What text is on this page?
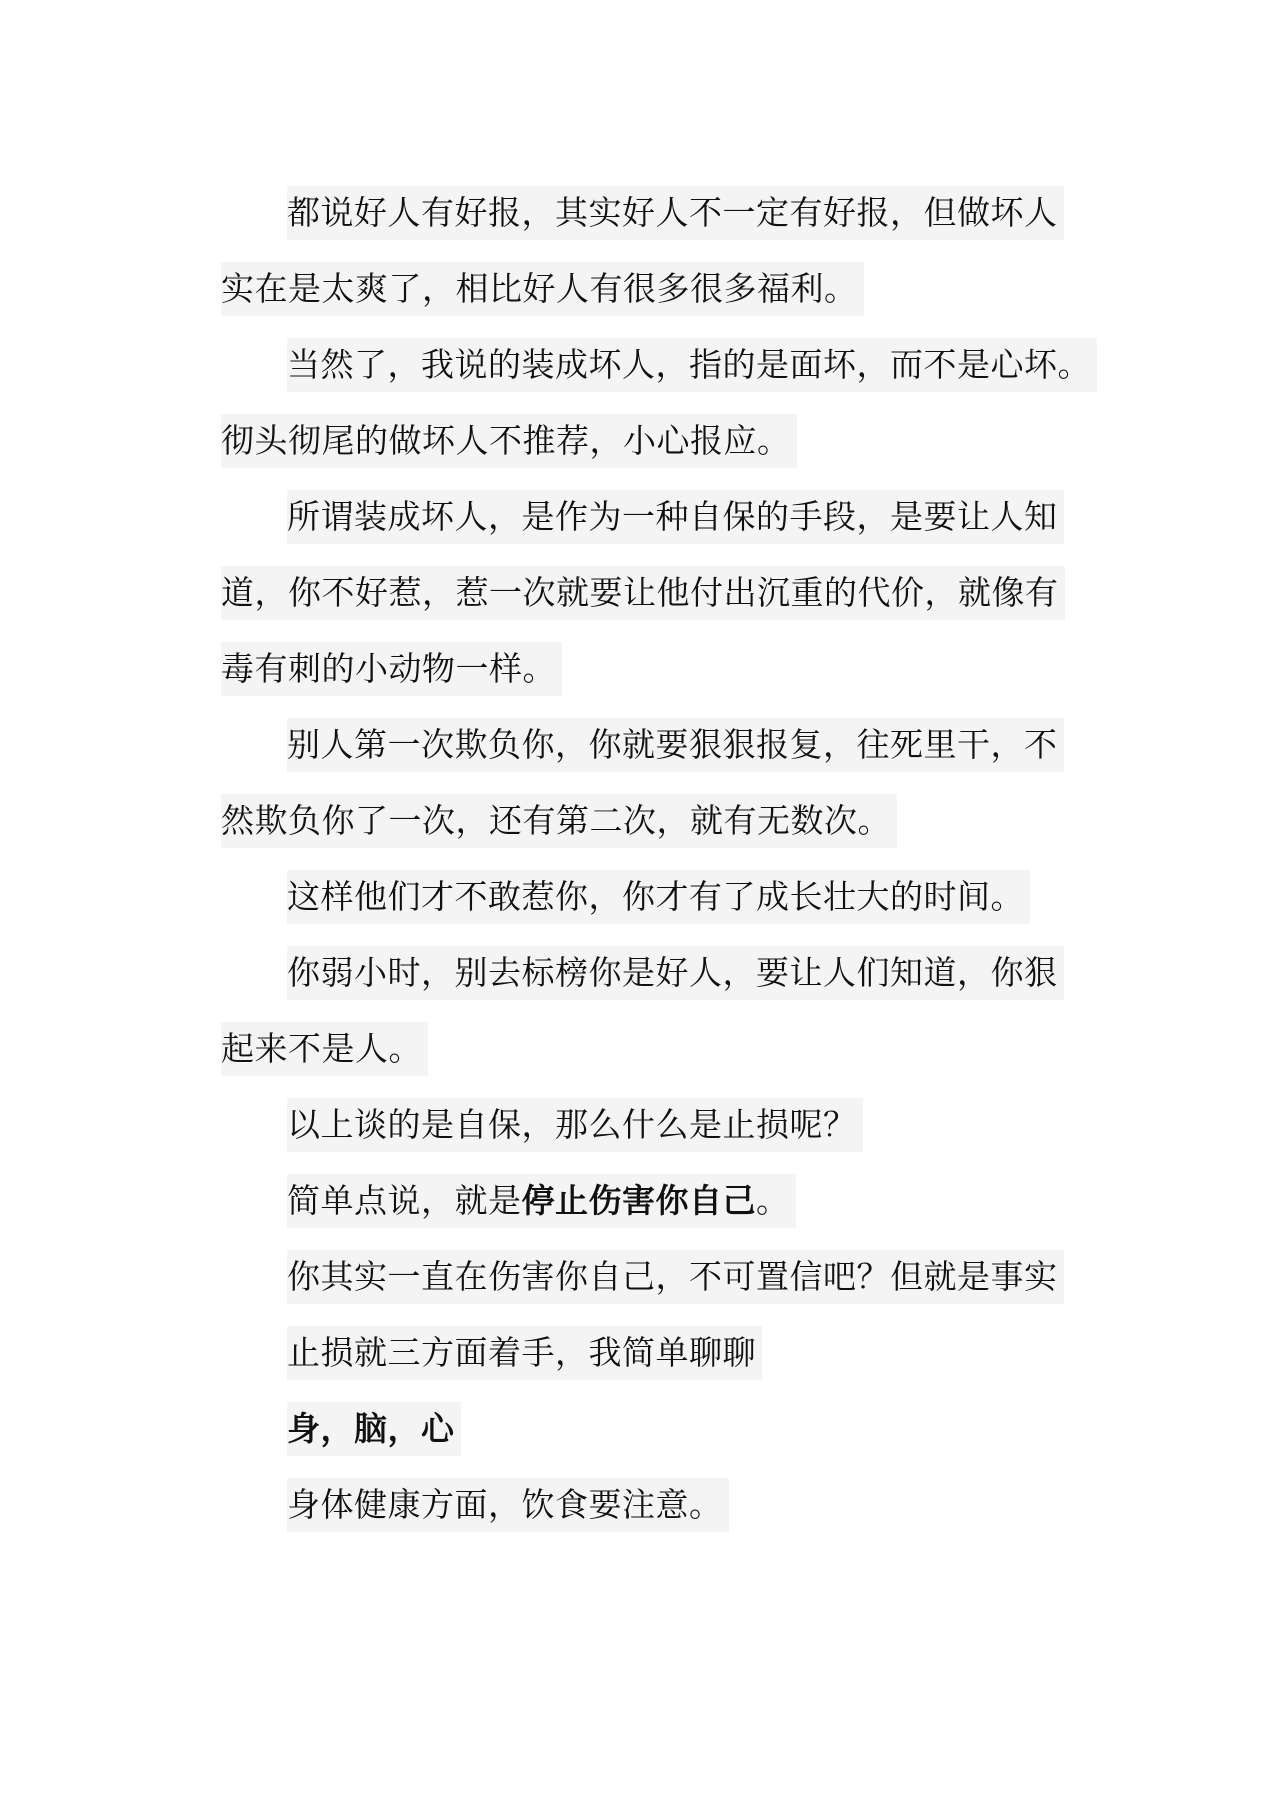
都说好人有好报，其实好人不一定有好报，但做坏人
实在是太爽了，相比好人有很多很多福利。
当然了，我说的装成坏人，指的是面坏，而不是心坏。
彻头彻尾的做坏人不推荐，小心报应。
所谓装成坏人，是作为一种自保的手段，是要让人知
道，你不好惹，惹一次就要让他付出沉重的代价，就像有
毒有刺的小动物一样。
别人第一次欺负你，你就要狠狠报复，往死里干，不
然欺负你了一次，还有第二次，就有无数次。
这样他们才不敢惹你，你才有了成长壮大的时间。
你弱小时，别去标榜你是好人，要让人们知道，你狠
起来不是人。
以上谈的是自保，那么什么是止损呢？
简单点说，就是停止伤害你自己。
你其实一直在伤害你自己，不可置信吧？但就是事实
止损就三方面着手，我简单聊聊
身，脑，心
身体健康方面，饮食要注意。
